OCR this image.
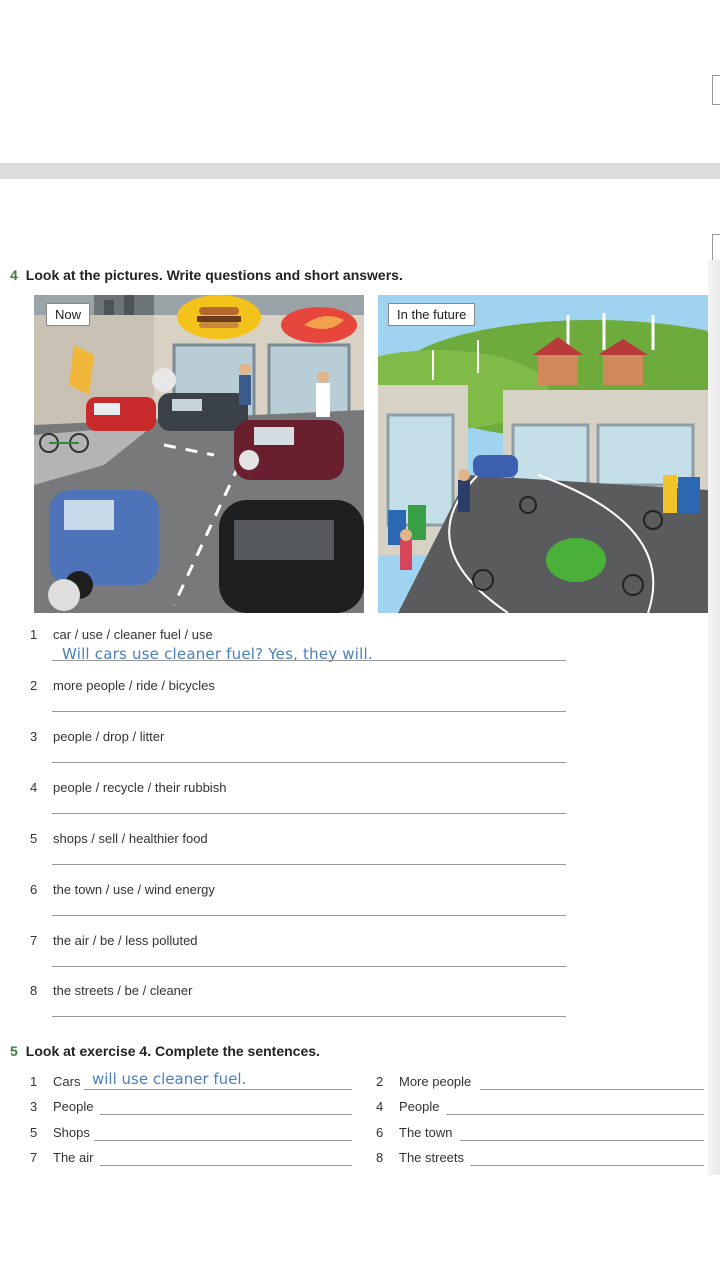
4 Look at the pictures. Write questions and short answers.
Now	In the future
1 car / use / cleaner fuel / use
Will cars use cleaner fuel? Yes, they will.
2 more people / ride / bicycles
3 people / drop / litter
4 people / recycle / their rubbish
5 shops / sell / healthier food
6 the town / use / wind energy
7 the air / be / less polluted
8 the streets / be / cleaner
5 Look at exercise 4. Complete the sentences.
1 Cars will use cleaner fuel.	2 More people
3 People	4 People
5 Shops	6 The town
7 The air	8 The streets
